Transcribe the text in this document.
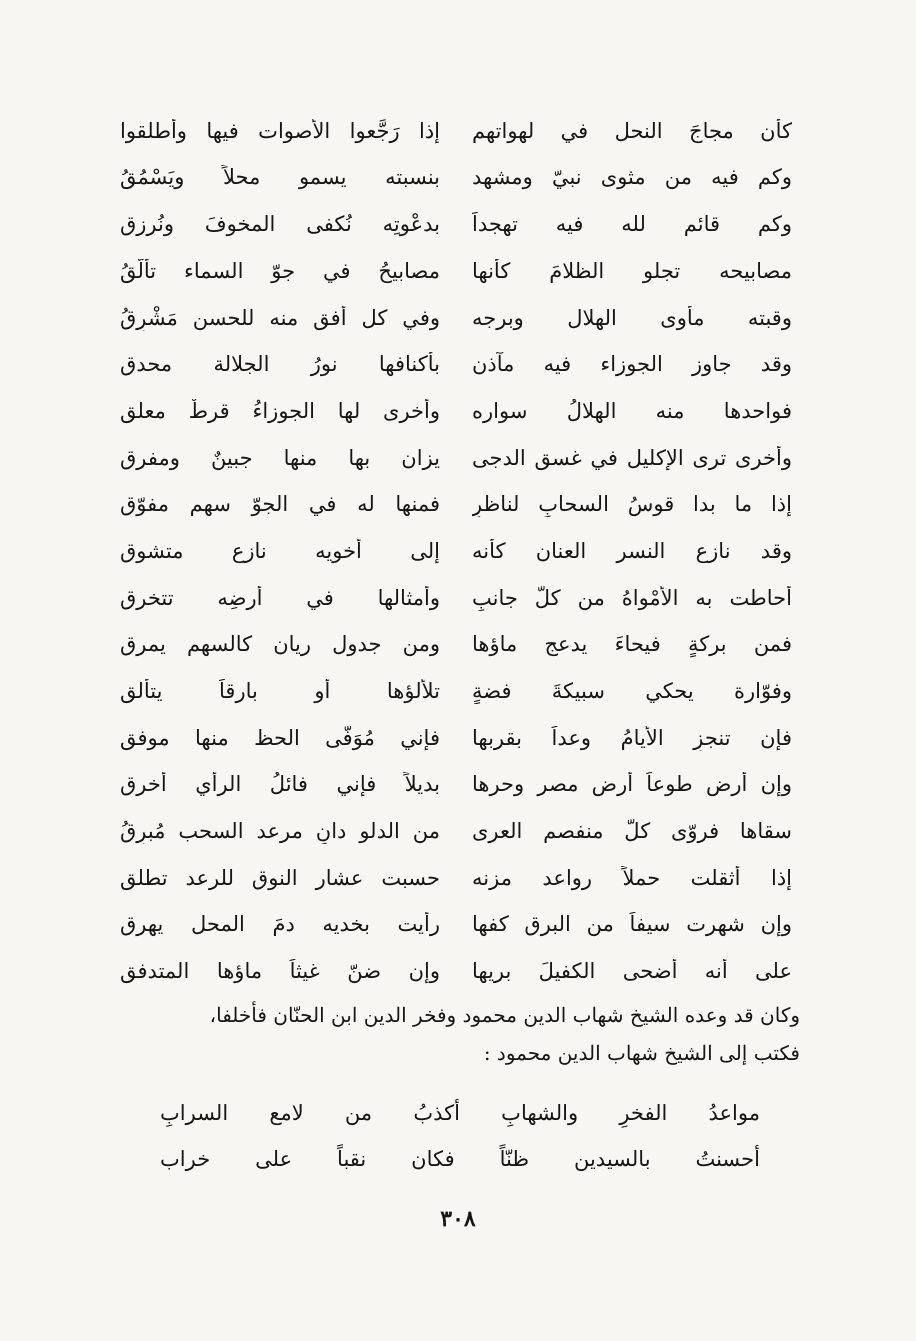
كأن مجاجَ النحل في لهواتهم
إذا رَجَّعوا الأصوات فيها وأطلقوا
وكم فيه من مثوى نبيّ ومشهد
بنسبته يسمو محلاً ويَسْمُقُ
وكم قائم لله فيه تهجداً
بدعْوتِه نُكفى المخوفَ ونُرزق
مصابيحه تجلو الظلامَ كأنها
مصابيحُ في جوّ السماء تألّقُ
وقبته مأوى الهلال وبرجه
وفي كل أفقٍ منه للحسن مَشْرِقُ
وقد جاوز الجوزاء فيه مآذن
بأكنافها نورُ الجلالة محدق
فواحدها منه الهلالُ سواره
وأخرى لها الجوزاءُ قرطٌ معلق
وأخرى ترى الإكليل في غسق الدجى
يزان بها منها جبينٌ ومفرق
إذا ما بدا قوسُ السحابِ لناظرٍ
فمنها له في الجوّ سهم مفوّق
وقد نازع النسر العنان كأنه
إلى أخويه نازع متشوق
أحاطت به الأمْواهُ من كلّ جانبٍ
وأمثالها في أرضِه تتخرق
فمن بركةٍ فيحاءَ يدعج ماؤها
ومن جدول ريان كالسهم يمرق
وفوّارة يحكي سبيكةَ فضةٍ
تلألؤها أو بارقاً يتألق
فإن تنجزِ الأيامُ وعداً بقربها
فإني مُوَفّى الحظ منها موفق
وإن أرض طوعاً أرض مصر وحرها
بديلاً فإني فائلُ الرأي أخرق
سقاها فروّى كلّ منفصم العرى
من الدلو دانٍ مرعد السحب مُبرِقُ
إذا أثقلت حملاً رواعد مزنه
حسبت عشار النوق للرعد تطلق
وإن شهرت سيفاً من البرق كفها
رأيت بخديه دمَ المحل يهرق
على أنه أضحى الكفيلَ بريها
وإن ضنّ غيثاً ماؤها المتدفق

وكان قد وعده الشيخ شهاب الدين محمود وفخر الدين ابن الحنّان فأخلفا،

فكتب إلى الشيخ شهاب الدين محمود :

مواعدُ الفخرِ والشهابِ أكذبُ من لامع السرابِ
أحسنتُ بالسيدين ظنّاً فكان نقباً على خراب
٣٠٨
